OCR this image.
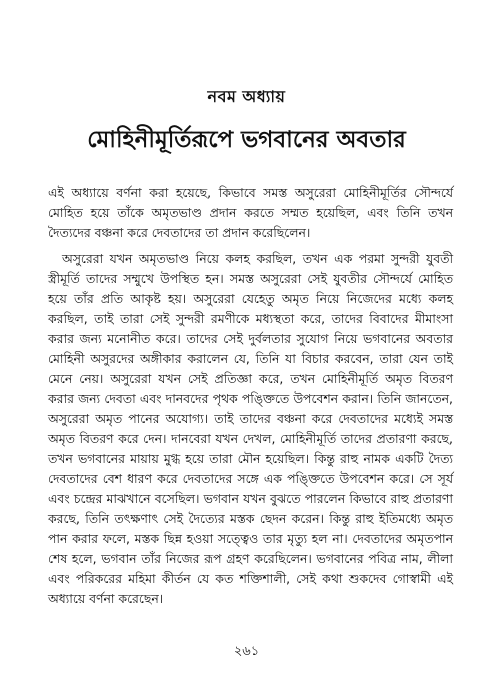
নবম অধ্যায়
মোহিনীমূর্তিরূপে ভগবানের অবতার

এই অধ্যায়ে বর্ণনা করা হয়েছে, কিভাবে সমস্ত অসুরেরা মোহিনীমূর্তির সৌন্দর্যে মোহিত হয়ে তাঁকে অমৃতভাণ্ড প্রদান করতে সম্মত হয়েছিল, এবং তিনি তখন দৈত্যদের বঞ্চনা করে দেবতাদের তা প্রদান করেছিলেন।

অসুরেরা যখন অমৃতভাণ্ড নিয়ে কলহ করছিল, তখন এক পরমা সুন্দরী যুবতী স্ত্রীমূর্তি তাদের সম্মুখে উপস্থিত হন। সমস্ত অসুরেরা সেই যুবতীর সৌন্দর্যে মোহিত হয়ে তাঁর প্রতি আকৃষ্ট হয়। অসুরেরা যেহেতু অমৃত নিয়ে নিজেদের মধ্যে কলহ করছিল, তাই তারা সেই সুন্দরী রমণীকে মধ্যস্থতা করে, তাদের বিবাদের মীমাংসা করার জন্য মনোনীত করে। তাদের সেই দুর্বলতার সুযোগ নিয়ে ভগবানের অবতার মোহিনী অসুরদের অঙ্গীকার করালেন যে, তিনি যা বিচার করবেন, তারা যেন তাই মেনে নেয়। অসুরেরা যখন সেই প্রতিজ্ঞা করে, তখন মোহিনীমূর্তি অমৃত বিতরণ করার জন্য দেবতা এবং দানবদের পৃথক পঙ্ক্তিতে উপবেশন করান। তিনি জানতেন, অসুরেরা অমৃত পানের অযোগ্য। তাই তাদের বঞ্চনা করে দেবতাদের মধ্যেই সমস্ত অমৃত বিতরণ করে দেন। দানবেরা যখন দেখল, মোহিনীমূর্তি তাদের প্রতারণা করছে, তখন ভগবানের মায়ায় মুগ্ধ হয়ে তারা মৌন হয়েছিল। কিন্তু রাহু নামক একটি দৈত্য দেবতাদের বেশ ধারণ করে দেবতাদের সঙ্গে এক পঙ্ক্তিতে উপবেশন করে। সে সূর্য এবং চন্দ্রের মাঝখানে বসেছিল। ভগবান যখন বুঝতে পারলেন কিভাবে রাহু প্রতারণা করছে, তিনি তৎক্ষণাৎ সেই দৈত্যের মস্তক ছেদন করেন। কিন্তু রাহু ইতিমধ্যে অমৃত পান করার ফলে, মস্তক ছিন্ন হওয়া সত্ত্বেও তার মৃত্যু হল না। দেবতাদের অমৃতপান শেষ হলে, ভগবান তাঁর নিজের রূপ গ্রহণ করেছিলেন। ভগবানের পবিত্র নাম, লীলা এবং পরিকরের মহিমা কীর্তন যে কত শক্তিশালী, সেই কথা শুকদেব গোস্বামী এই অধ্যায়ে বর্ণনা করেছেন।

২৬১
